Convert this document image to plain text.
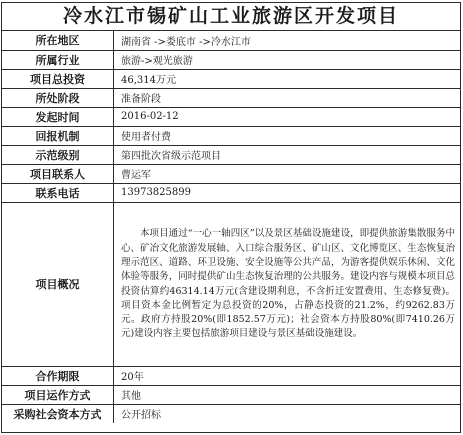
冷水江市锡矿山工业旅游区开发项目
所在地区	湖南省 ->娄底市 ->冷水江市
所属行业	旅游->观光旅游
项目总投资	46,314万元
所处阶段	准备阶段
发起时间	2016-02-12
回报机制	使用者付费
示范级别	第四批次省级示范项目
项目联系人	曹运军
联系电话	13973825899
项目概况	本项目通过“一心一轴四区”以及景区基础设施建设，即提供旅游集散服务中心、矿冶文化旅游发展轴、入口综合服务区、矿山区、文化博览区、生态恢复治理示范区、道路、环卫设施、安全设施等公共产品，为游客提供娱乐休闲、文化体验等服务，同时提供矿山生态恢复治理的公共服务。建设内容与规模本项目总投资估算约46314.14万元(含建设期利息，不含折迁安置费用、生态修复费)。项目资本金比例暂定为总投资的20%，占静态投资的21.2%，约9262.83万元。政府方持股20%(即1852.57万元)；社会资本方持股80%(即7410.26万元)建设内容主要包括旅游项目建设与景区基础设施建设。
合作期限	20年
项目运作方式	其他
采购社会资本方式	公开招标
